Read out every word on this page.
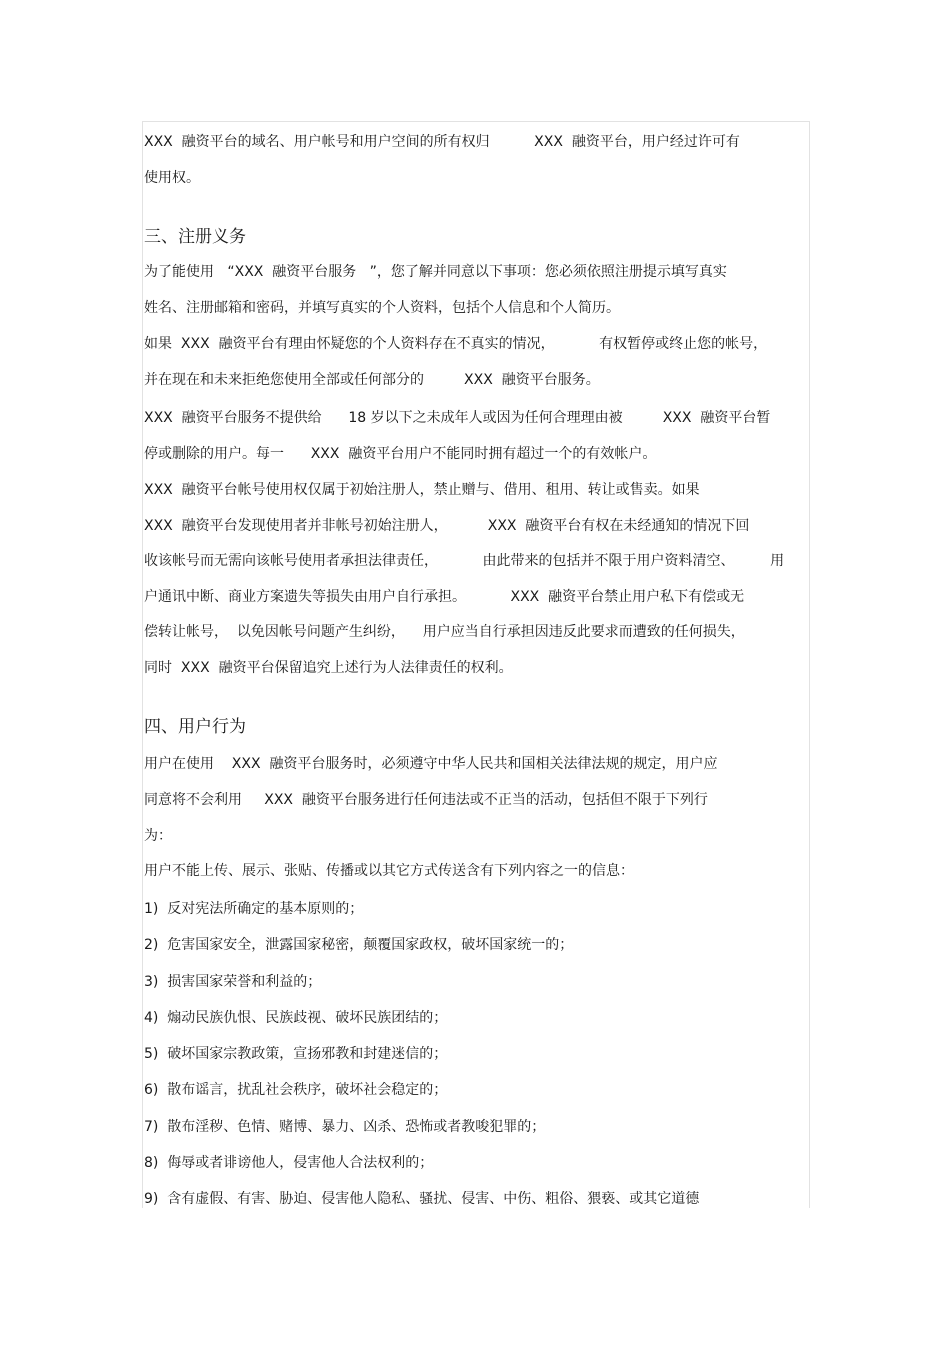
XXX  融资平台的域名、用户帐号和用户空间的所有权归          XXX  融资平台，用户经过许可有
使用权。
三、注册义务
为了能使用   “XXX  融资平台服务   ”，您了解并同意以下事项：您必须依照注册提示填写真实
姓名、注册邮箱和密码，并填写真实的个人资料，包括个人信息和个人简历。
如果  XXX  融资平台有理由怀疑您的个人资料存在不真实的情况，          有权暂停或终止您的帐号，
并在现在和未来拒绝您使用全部或任何部分的         XXX  融资平台服务。
XXX  融资平台服务不提供给      18 岁以下之未成年人或因为任何合理理由被         XXX  融资平台暂
停或删除的用户。每一      XXX  融资平台用户不能同时拥有超过一个的有效帐户。
XXX  融资平台帐号使用权仅属于初始注册人，禁止赠与、借用、租用、转让或售卖。如果
XXX  融资平台发现使用者并非帐号初始注册人，         XXX  融资平台有权在未经通知的情况下回
收该帐号而无需向该帐号使用者承担法律责任，          由此带来的包括并不限于用户资料清空、        用
户通讯中断、商业方案遗失等损失由用户自行承担。          XXX  融资平台禁止用户私下有偿或无
偿转让帐号，  以免因帐号问题产生纠纷，    用户应当自行承担因违反此要求而遭致的任何损失，
同时  XXX  融资平台保留追究上述行为人法律责任的权利。
四、用户行为
用户在使用    XXX  融资平台服务时，必须遵守中华人民共和国相关法律法规的规定，用户应
同意将不会利用     XXX  融资平台服务进行任何违法或不正当的活动，包括但不限于下列行
为：
用户不能上传、展示、张贴、传播或以其它方式传送含有下列内容之一的信息：
1)  反对宪法所确定的基本原则的；
2)  危害国家安全，泄露国家秘密，颠覆国家政权，破坏国家统一的；
3)  损害国家荣誉和利益的；
4)  煽动民族仇恨、民族歧视、破坏民族团结的；
5)  破坏国家宗教政策，宣扬邪教和封建迷信的；
6)  散布谣言，扰乱社会秩序，破坏社会稳定的；
7)  散布淫秽、色情、赌博、暴力、凶杀、恐怖或者教唆犯罪的；
8)  侮辱或者诽谤他人，侵害他人合法权利的；
9)  含有虚假、有害、胁迫、侵害他人隐私、骚扰、侵害、中伤、粗俗、猥亵、或其它道德
